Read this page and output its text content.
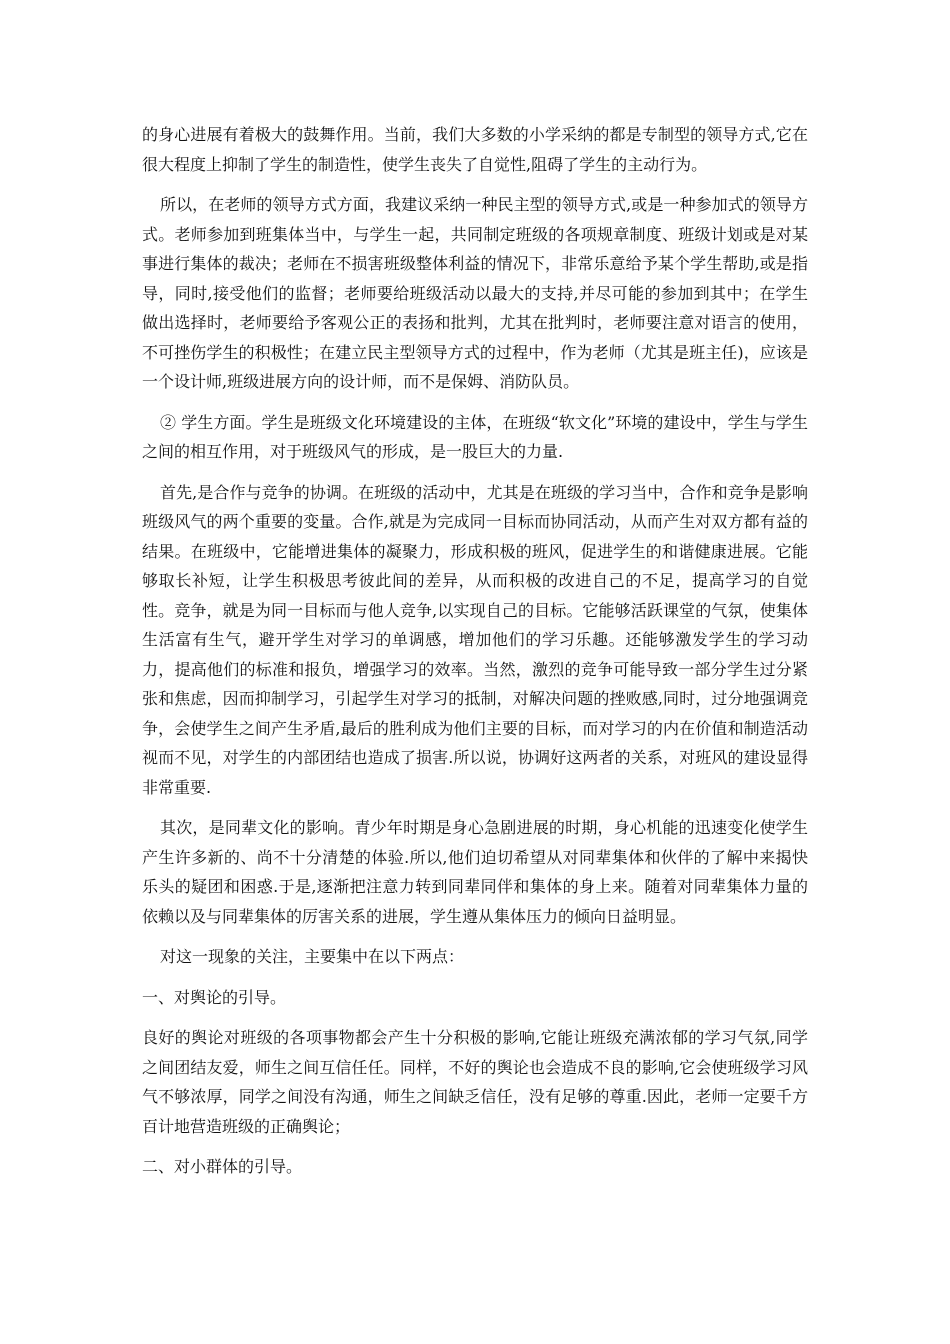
的身心进展有着极大的鼓舞作用。当前，我们大多数的小学采纳的都是专制型的领导方式,它在很大程度上抑制了学生的制造性，使学生丧失了自觉性,阻碍了学生的主动行为。

所以，在老师的领导方式方面，我建议采纳一种民主型的领导方式,或是一种参加式的领导方式。老师参加到班集体当中，与学生一起，共同制定班级的各项规章制度、班级计划或是对某事进行集体的裁决；老师在不损害班级整体利益的情况下，非常乐意给予某个学生帮助,或是指导，同时,接受他们的监督；老师要给班级活动以最大的支持,并尽可能的参加到其中；在学生做出选择时，老师要给予客观公正的表扬和批判，尤其在批判时，老师要注意对语言的使用，不可挫伤学生的积极性；在建立民主型领导方式的过程中，作为老师（尤其是班主任)，应该是一个设计师,班级进展方向的设计师，而不是保姆、消防队员。

② 学生方面。学生是班级文化环境建设的主体，在班级“软文化”环境的建设中，学生与学生之间的相互作用，对于班级风气的形成，是一股巨大的力量.

首先,是合作与竞争的协调。在班级的活动中，尤其是在班级的学习当中，合作和竞争是影响班级风气的两个重要的变量。合作,就是为完成同一目标而协同活动，从而产生对双方都有益的结果。在班级中，它能增进集体的凝聚力，形成积极的班风，促进学生的和谐健康进展。它能够取长补短，让学生积极思考彼此间的差异，从而积极的改进自己的不足，提高学习的自觉性。竞争，就是为同一目标而与他人竞争,以实现自己的目标。它能够活跃课堂的气氛，使集体生活富有生气，避开学生对学习的单调感，增加他们的学习乐趣。还能够激发学生的学习动力，提高他们的标准和报负，增强学习的效率。当然，激烈的竞争可能导致一部分学生过分紧张和焦虑，因而抑制学习，引起学生对学习的抵制，对解决问题的挫败感,同时，过分地强调竞争，会使学生之间产生矛盾,最后的胜利成为他们主要的目标，而对学习的内在价值和制造活动视而不见，对学生的内部团结也造成了损害.所以说，协调好这两者的关系，对班风的建设显得非常重要.

其次，是同辈文化的影响。青少年时期是身心急剧进展的时期，身心机能的迅速变化使学生产生许多新的、尚不十分清楚的体验.所以,他们迫切希望从对同辈集体和伙伴的了解中来揭快乐头的疑团和困惑.于是,逐渐把注意力转到同辈同伴和集体的身上来。随着对同辈集体力量的依赖以及与同辈集体的厉害关系的进展，学生遵从集体压力的倾向日益明显。

对这一现象的关注，主要集中在以下两点：

一、对舆论的引导。

良好的舆论对班级的各项事物都会产生十分积极的影响,它能让班级充满浓郁的学习气氛,同学之间团结友爱，师生之间互信任任。同样，不好的舆论也会造成不良的影响,它会使班级学习风气不够浓厚，同学之间没有沟通，师生之间缺乏信任，没有足够的尊重.因此，老师一定要千方百计地营造班级的正确舆论；

二、对小群体的引导。
